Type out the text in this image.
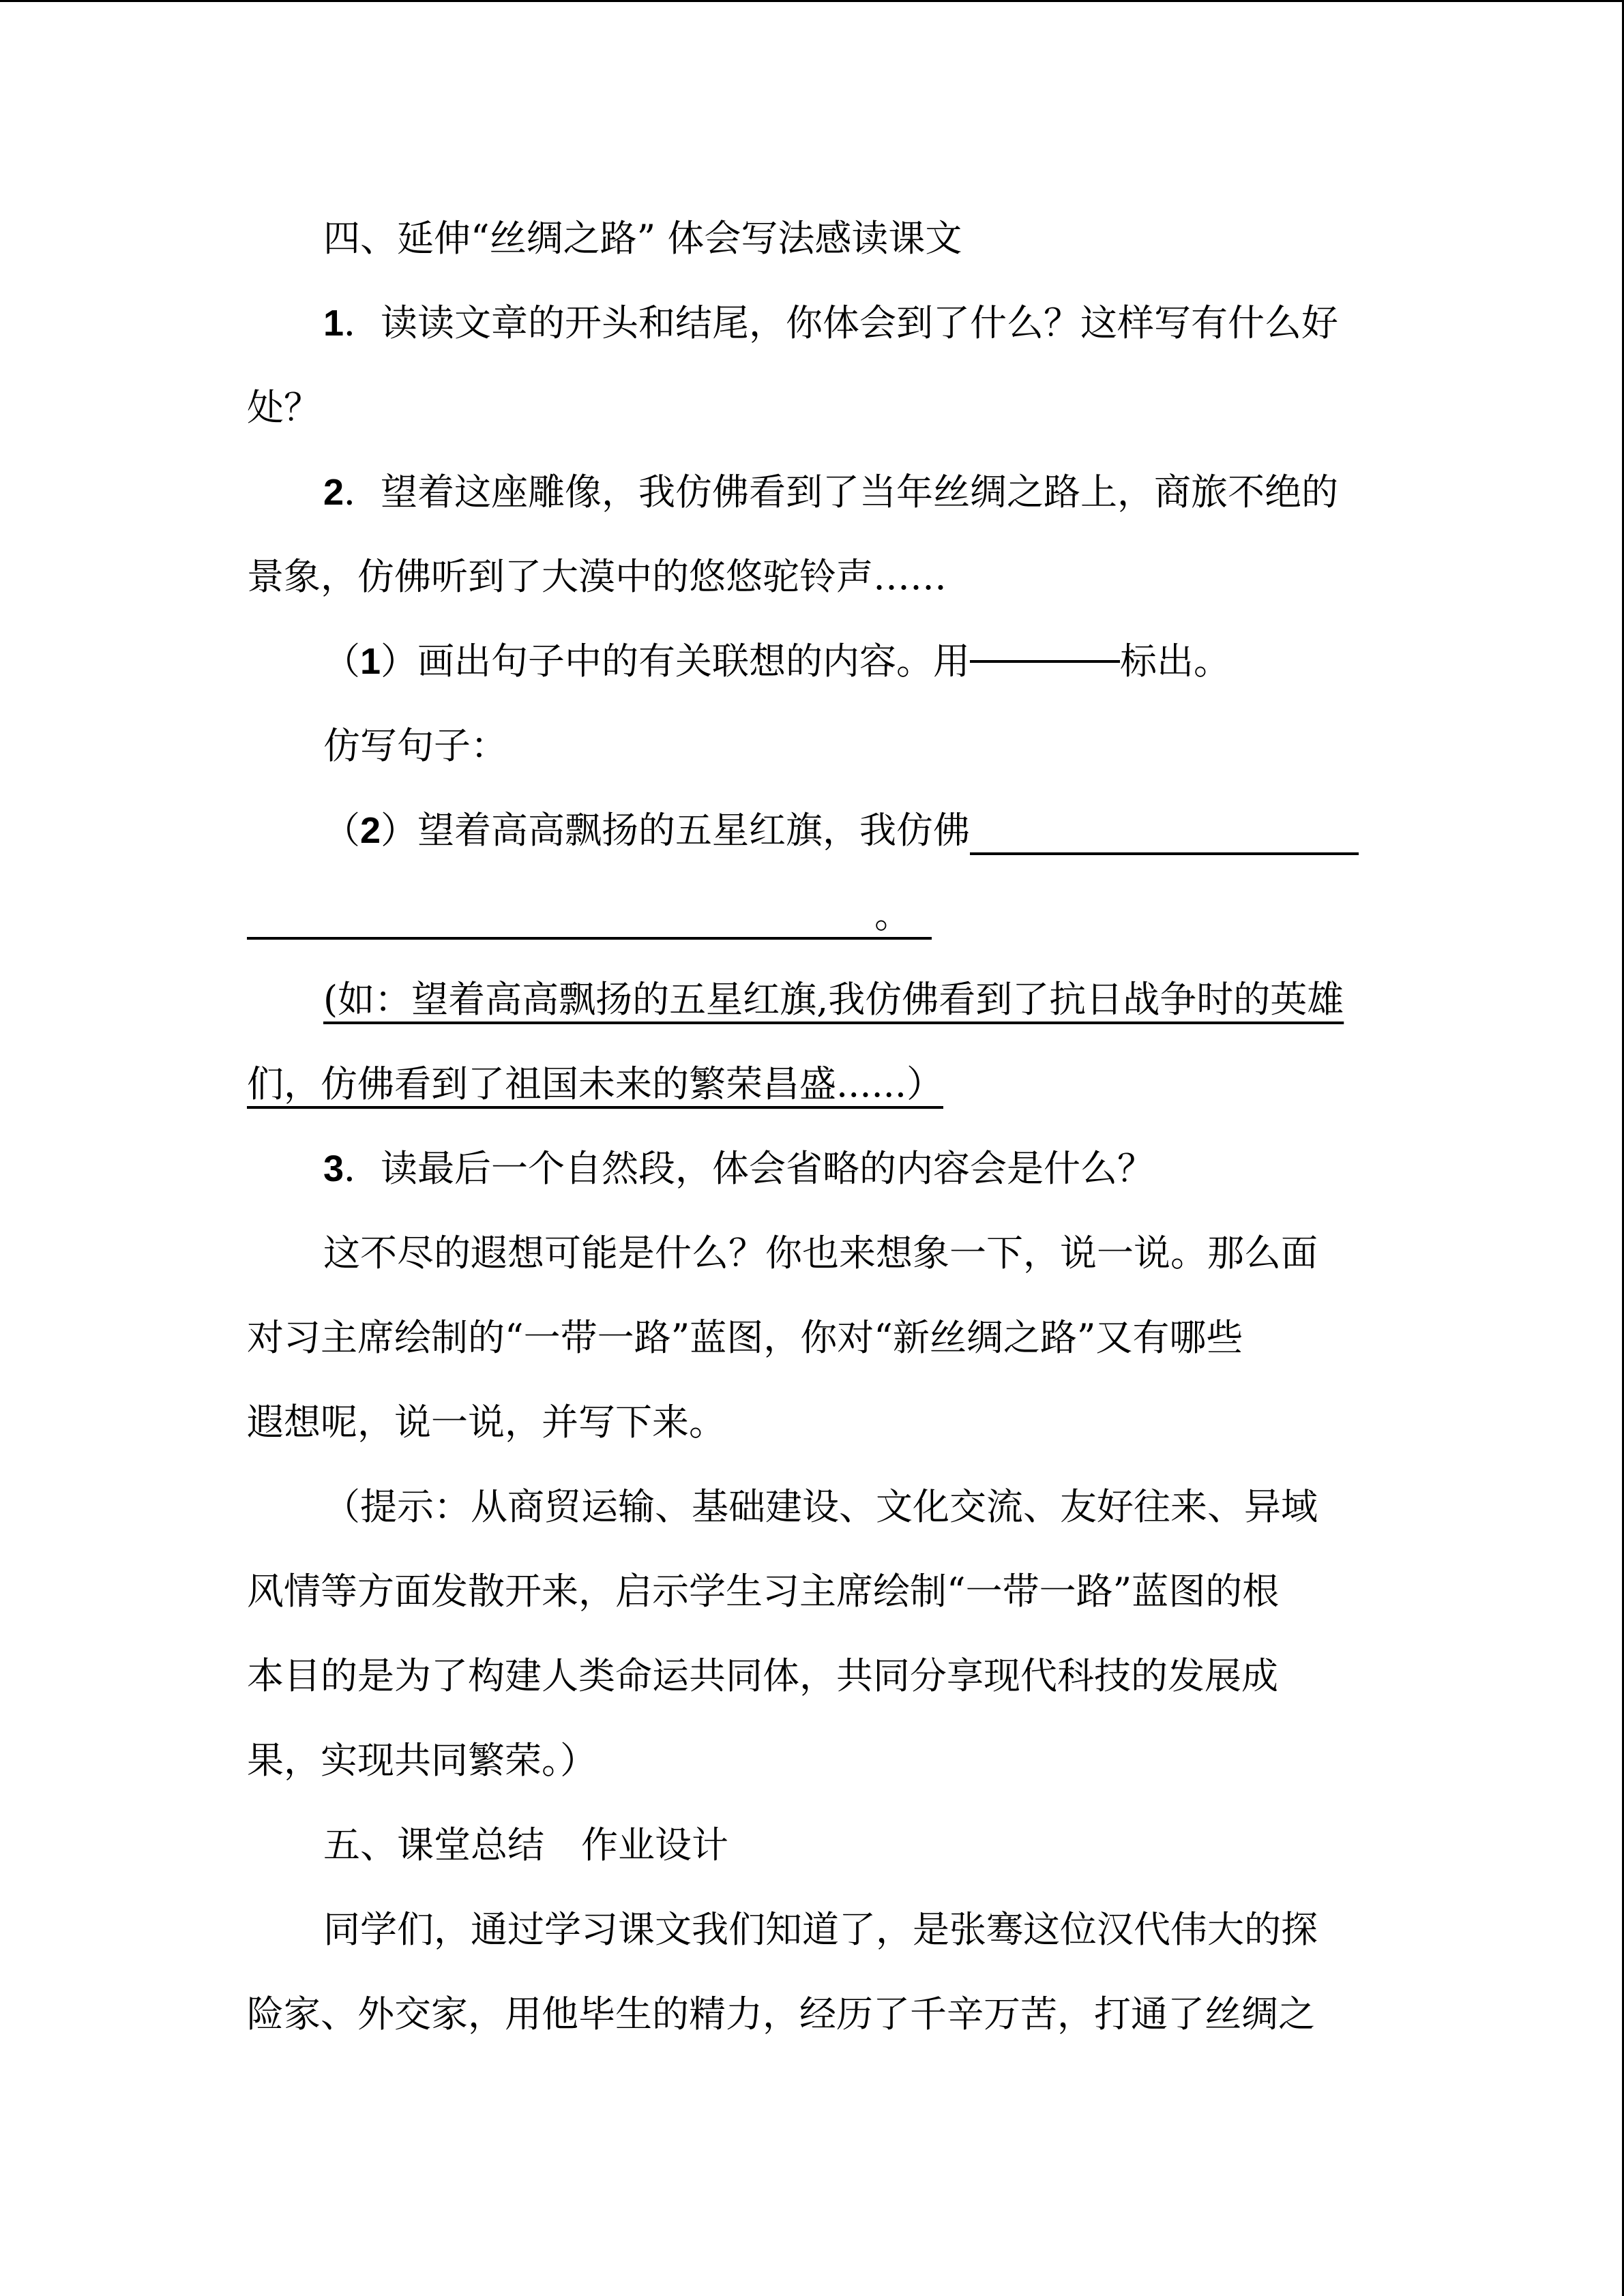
四、延伸“丝绸之路” 体会写法感读课文

1．读读文章的开头和结尾，你体会到了什么？这样写有什么好

处？

2．望着这座雕像，我仿佛看到了当年丝绸之路上，商旅不绝的

景象，仿佛听到了大漠中的悠悠驼铃声……

（1）画出句子中的有关联想的内容。用	标出。

仿写句子：

（2）望着高高飘扬的五星红旗，我仿佛

。

(如：望着高高飘扬的五星红旗,我仿佛看到了抗日战争时的英雄

们，仿佛看到了祖国未来的繁荣昌盛......）

3．读最后一个自然段，体会省略的内容会是什么？

这不尽的遐想可能是什么？你也来想象一下，说一说。那么面

对习主席绘制的“一带一路”蓝图，你对“新丝绸之路”又有哪些

遐想呢，说一说，并写下来。

（提示：从商贸运输、基础建设、文化交流、友好往来、异域

风情等方面发散开来，启示学生习主席绘制“一带一路”蓝图的根

本目的是为了构建人类命运共同体，共同分享现代科技的发展成

果，实现共同繁荣。）

五、课堂总结　作业设计

同学们，通过学习课文我们知道了，是张骞这位汉代伟大的探

险家、外交家，用他毕生的精力，经历了千辛万苦，打通了丝绸之
